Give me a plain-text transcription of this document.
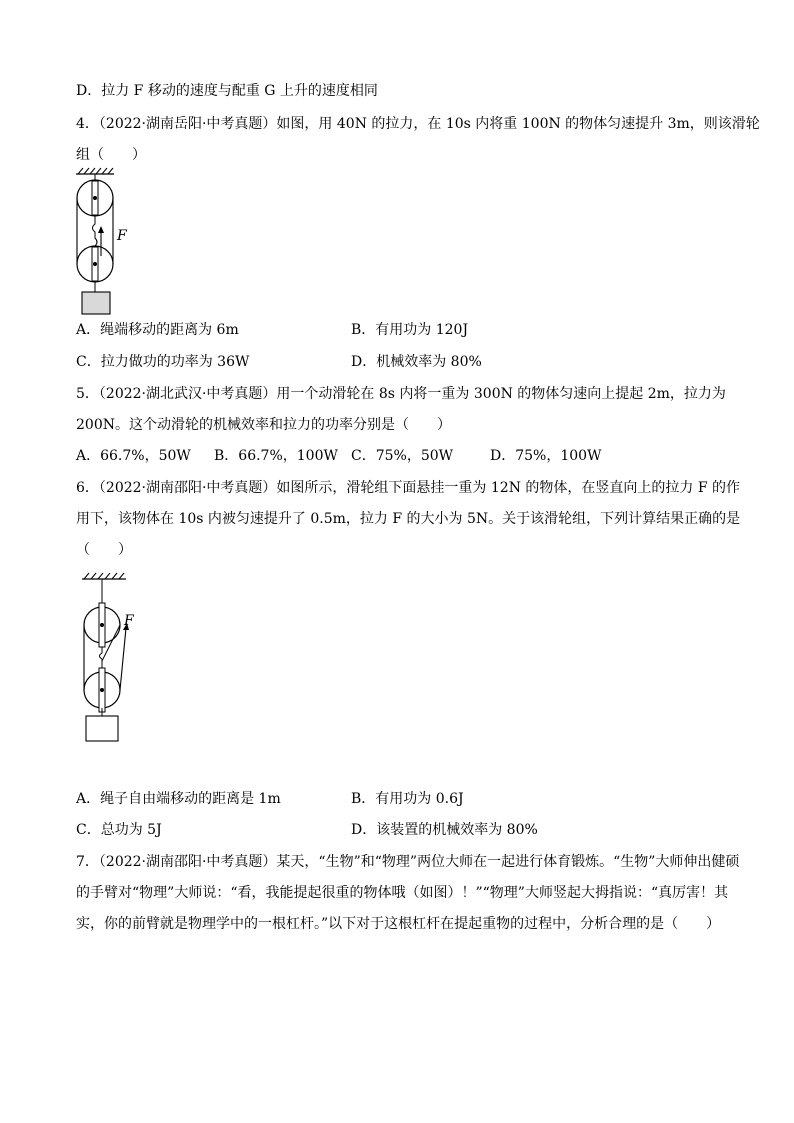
D．拉力 F 移动的速度与配重 G 上升的速度相同
4．（2022·湖南岳阳·中考真题）如图，用 40N 的拉力，在 10s 内将重 100N 的物体匀速提升 3m，则该滑轮
组（　　）
F
A．绳端移动的距离为 6m	B．有用功为 120J
C．拉力做功的功率为 36W	D．机械效率为 80%
5．（2022·湖北武汉·中考真题）用一个动滑轮在 8s 内将一重为 300N 的物体匀速向上提起 2m，拉力为
200N。这个动滑轮的机械效率和拉力的功率分别是（　　）
A．66.7%，50W B．66.7%，100W C．75%，50W	D．75%，100W
6．（2022·湖南邵阳·中考真题）如图所示，滑轮组下面悬挂一重为 12N 的物体，在竖直向上的拉力 F 的作
用下，该物体在 10s 内被匀速提升了 0.5m，拉力 F 的大小为 5N。关于该滑轮组，下列计算结果正确的是
（　　）
F
A．绳子自由端移动的距离是 1m	B．有用功为 0.6J
C．总功为 5J	D．该装置的机械效率为 80%
7．（2022·湖南邵阳·中考真题）某天，“生物”和“物理”两位大师在一起进行体育锻炼。“生物”大师伸出健硕
的手臂对“物理”大师说：“看，我能提起很重的物体哦（如图）！”“物理”大师竖起大拇指说：“真厉害！其
实，你的前臂就是物理学中的一根杠杆。”以下对于这根杠杆在提起重物的过程中，分析合理的是（　　）
